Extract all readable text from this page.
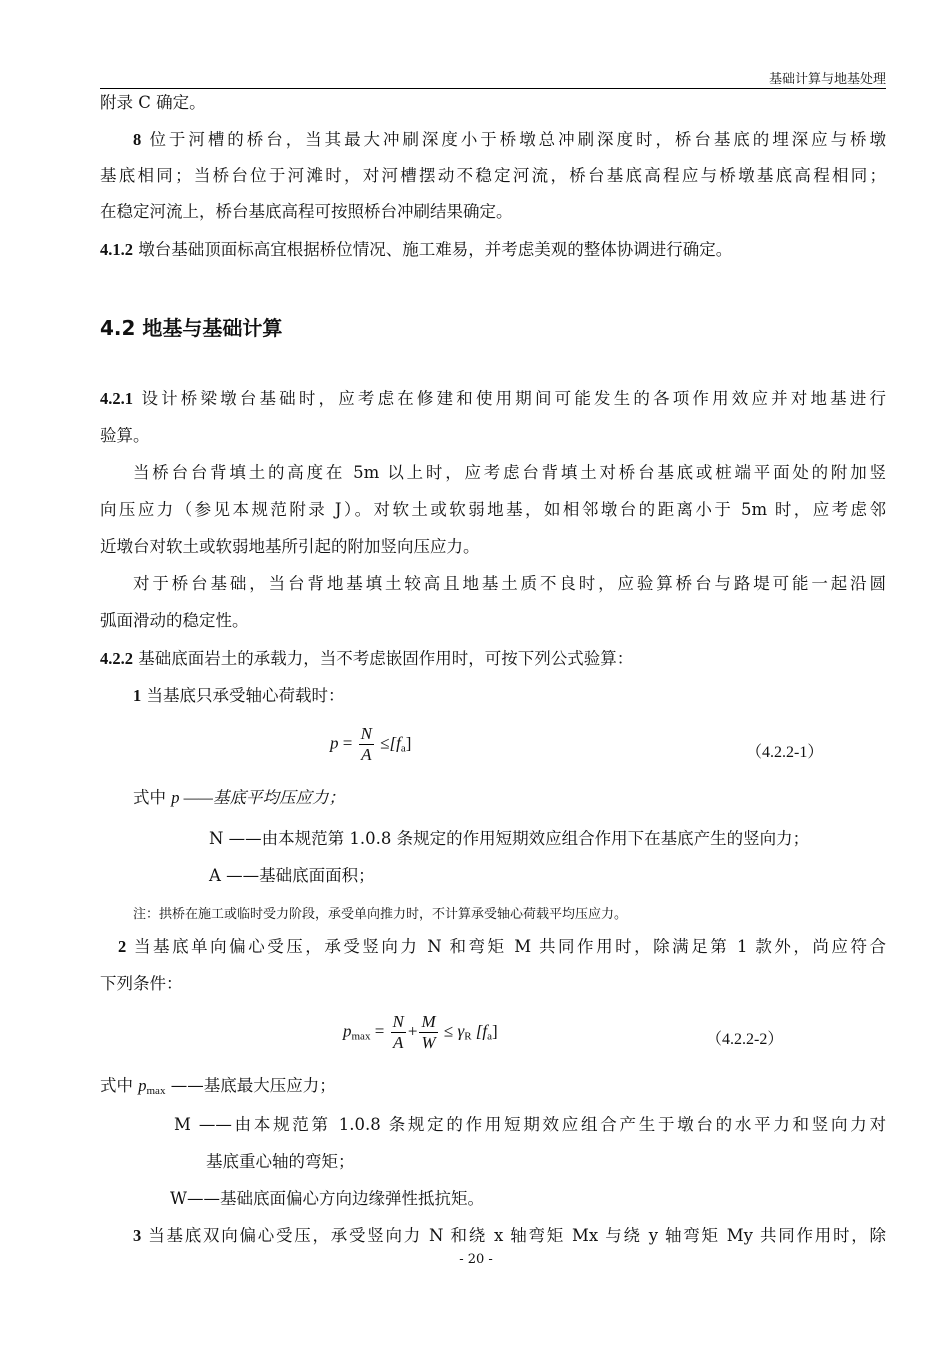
基础计算与地基处理
附录 C 确定。
8 位于河槽的桥台，当其最大冲刷深度小于桥墩总冲刷深度时，桥台基底的埋深应与桥墩
基底相同；当桥台位于河滩时，对河槽摆动不稳定河流，桥台基底高程应与桥墩基底高程相同；
在稳定河流上，桥台基底高程可按照桥台冲刷结果确定。
4.1.2 墩台基础顶面标高宜根据桥位情况、施工难易，并考虑美观的整体协调进行确定。
4.2 地基与基础计算
4.2.1 设计桥梁墩台基础时，应考虑在修建和使用期间可能发生的各项作用效应并对地基进行
验算。
当桥台台背填土的高度在 5m 以上时，应考虑台背填土对桥台基底或桩端平面处的附加竖
向压应力（参见本规范附录 J）。对软土或软弱地基，如相邻墩台的距离小于 5m 时，应考虑邻
近墩台对软土或软弱地基所引起的附加竖向压应力。
对于桥台基础，当台背地基填土较高且地基土质不良时，应验算桥台与路堤可能一起沿圆
弧面滑动的稳定性。
4.2.2 基础底面岩土的承载力，当不考虑嵌固作用时，可按下列公式验算：
1 当基底只承受轴心荷载时：
$p = \frac{N}{A} \le[f_a]$
（4.2.2-1）
式中 p ——基底平均压应力；
N ——由本规范第 1.0.8 条规定的作用短期效应组合作用下在基底产生的竖向力；
A ——基础底面面积；
注：拱桥在施工或临时受力阶段，承受单向推力时，不计算承受轴心荷载平均压应力。
2 当基底单向偏心受压，承受竖向力 N 和弯矩 M 共同作用时，除满足第 1 款外，尚应符合
下列条件：
$p_{max} = \frac{N}{A} + \frac{M}{W} \le \gamma_R$ $[f_a]$	（4.2.2-2）
式中 $p_{max}$ ——基底最大压应力；
M ——由本规范第 1.0.8 条规定的作用短期效应组合产生于墩台的水平力和竖向力对
基底重心轴的弯矩；
W——基础底面偏心方向边缘弹性抵抗矩。
3 当基底双向偏心受压，承受竖向力 N 和绕 x 轴弯矩 Mx 与绕 y 轴弯矩 My 共同作用时，除
- 20 -
